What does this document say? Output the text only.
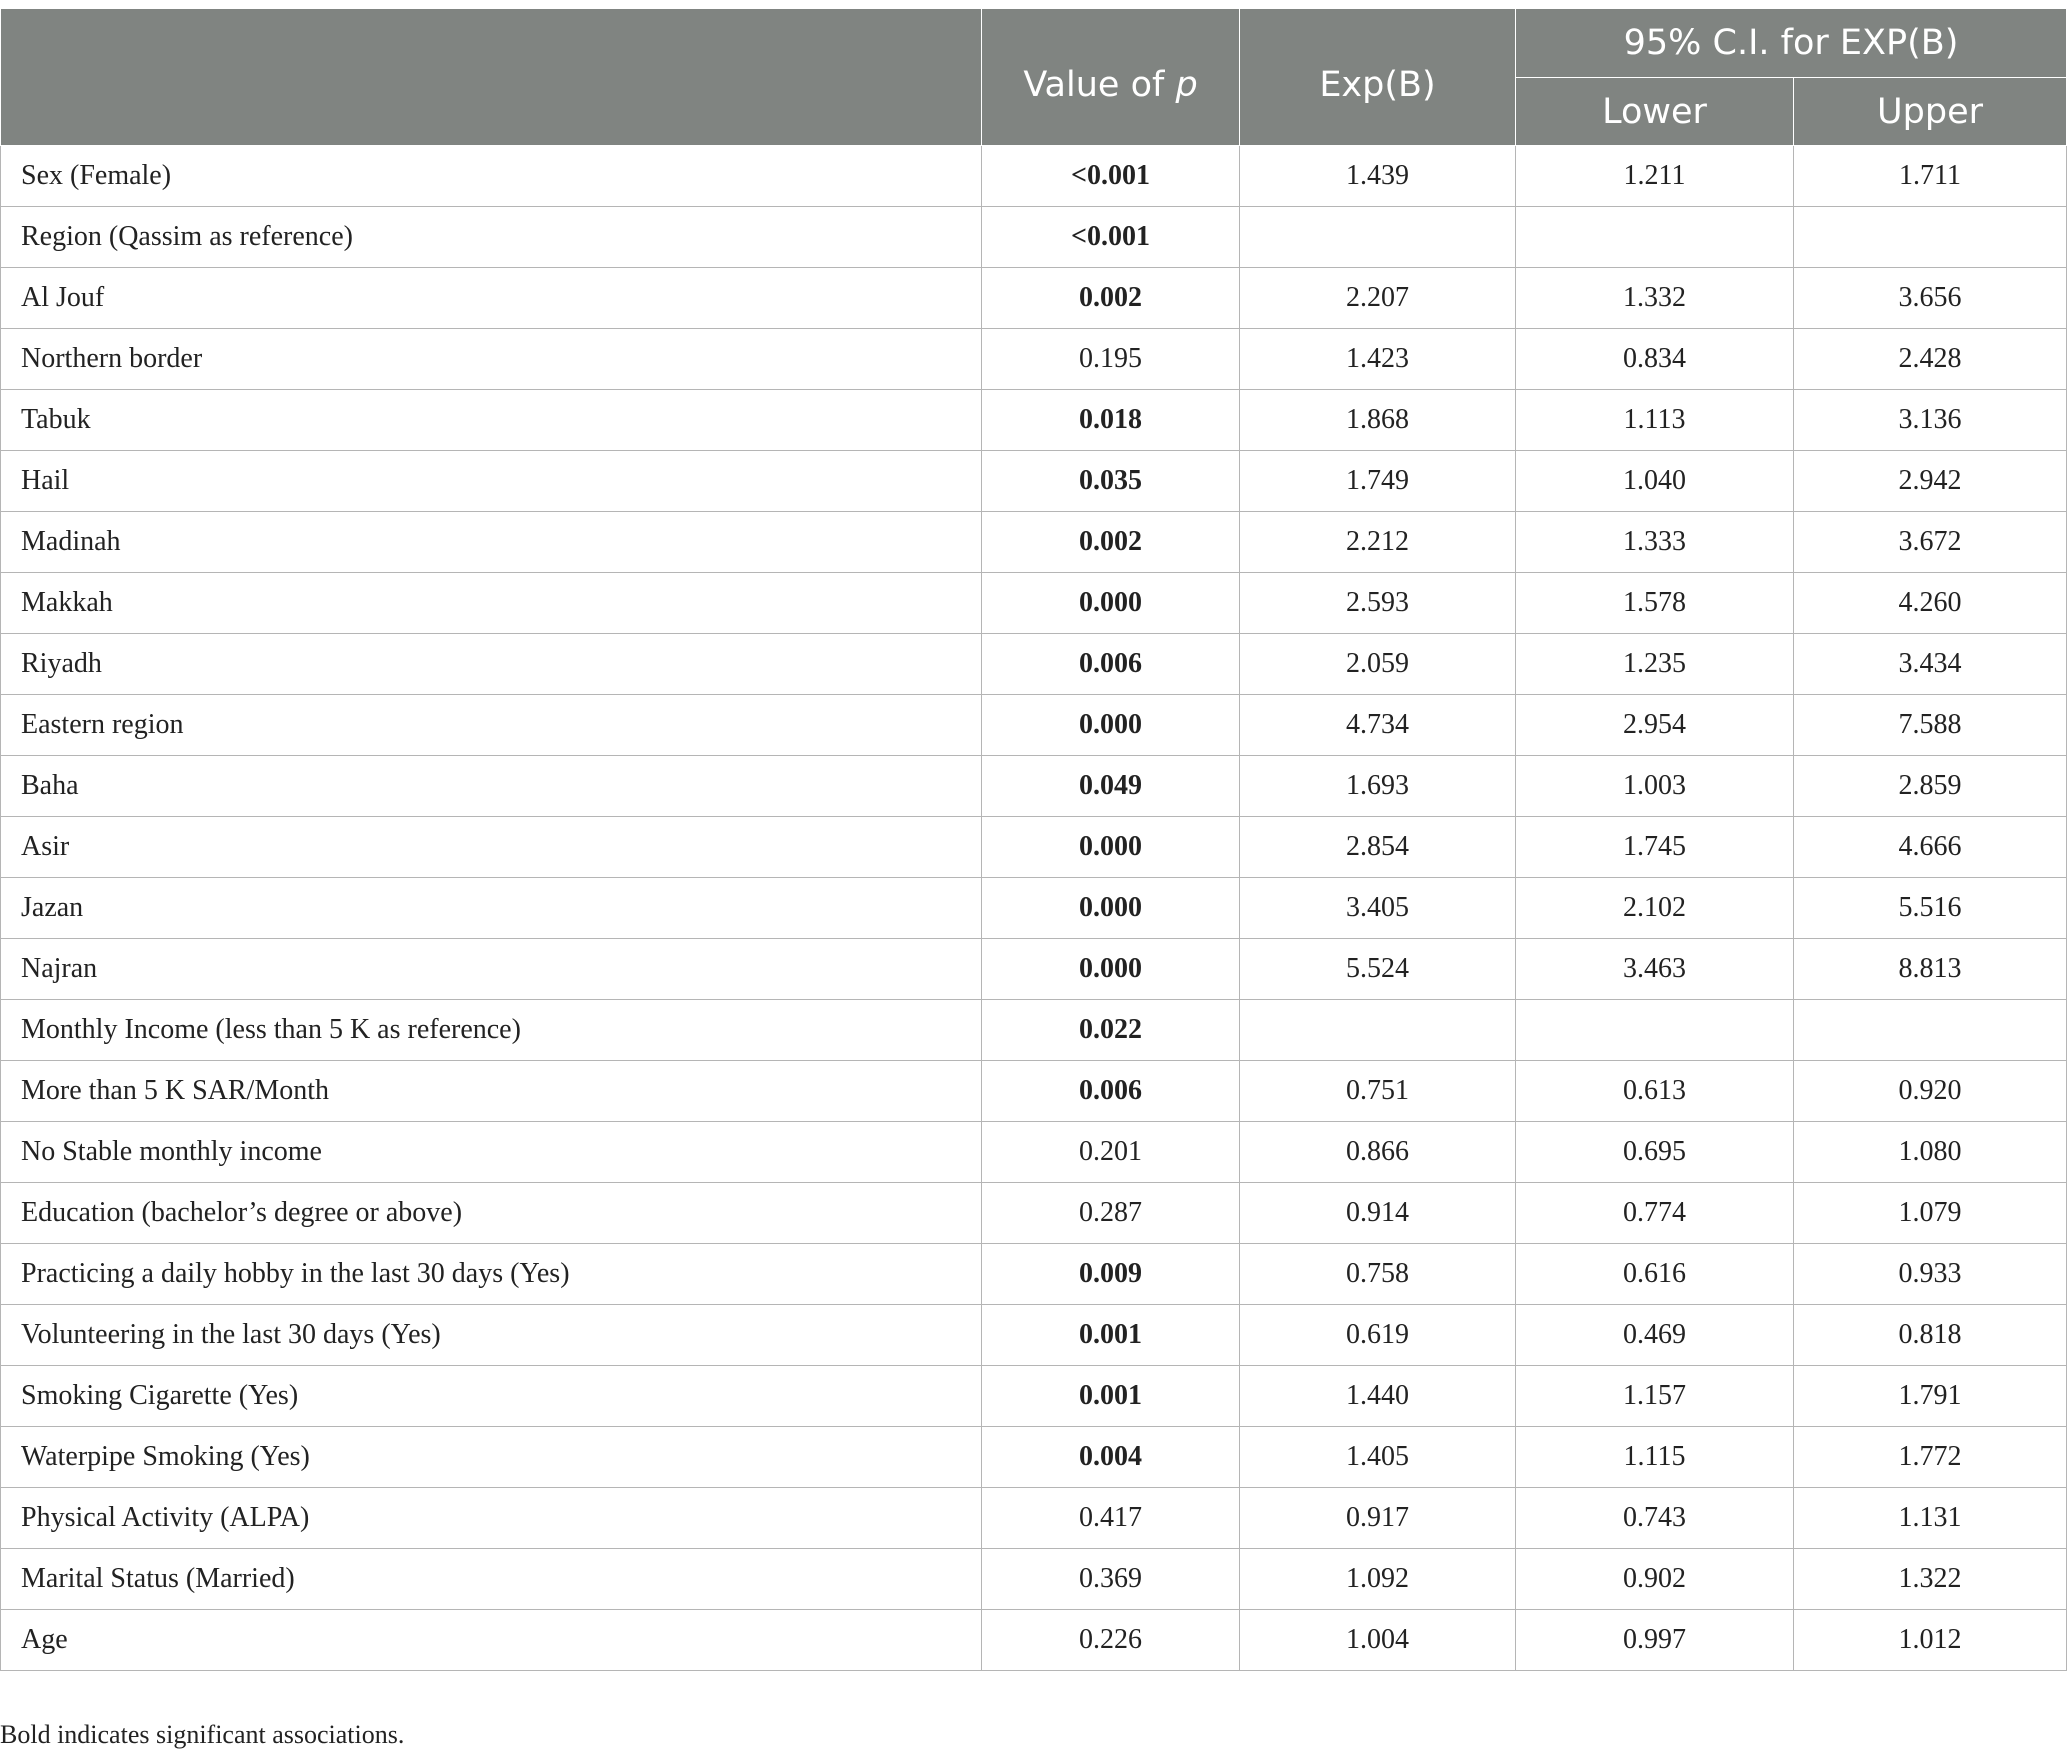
	Value of p	Exp(B)	95% C.I. for EXP(B)	
			Lower	Upper
Sex (Female)	<0.001	1.439	1.211	1.711
Region (Qassim as reference)	<0.001			
Al Jouf	0.002	2.207	1.332	3.656
Northern border	0.195	1.423	0.834	2.428
Tabuk	0.018	1.868	1.113	3.136
Hail	0.035	1.749	1.040	2.942
Madinah	0.002	2.212	1.333	3.672
Makkah	0.000	2.593	1.578	4.260
Riyadh	0.006	2.059	1.235	3.434
Eastern region	0.000	4.734	2.954	7.588
Baha	0.049	1.693	1.003	2.859
Asir	0.000	2.854	1.745	4.666
Jazan	0.000	3.405	2.102	5.516
Najran	0.000	5.524	3.463	8.813
Monthly Income (less than 5 K as reference)	0.022			
More than 5 K SAR/Month	0.006	0.751	0.613	0.920
No Stable monthly income	0.201	0.866	0.695	1.080
Education (bachelor’s degree or above)	0.287	0.914	0.774	1.079
Practicing a daily hobby in the last 30 days (Yes)	0.009	0.758	0.616	0.933
Volunteering in the last 30 days (Yes)	0.001	0.619	0.469	0.818
Smoking Cigarette (Yes)	0.001	1.440	1.157	1.791
Waterpipe Smoking (Yes)	0.004	1.405	1.115	1.772
Physical Activity (ALPA)	0.417	0.917	0.743	1.131
Marital Status (Married)	0.369	1.092	0.902	1.322
Age	0.226	1.004	0.997	1.012

Bold indicates significant associations.
